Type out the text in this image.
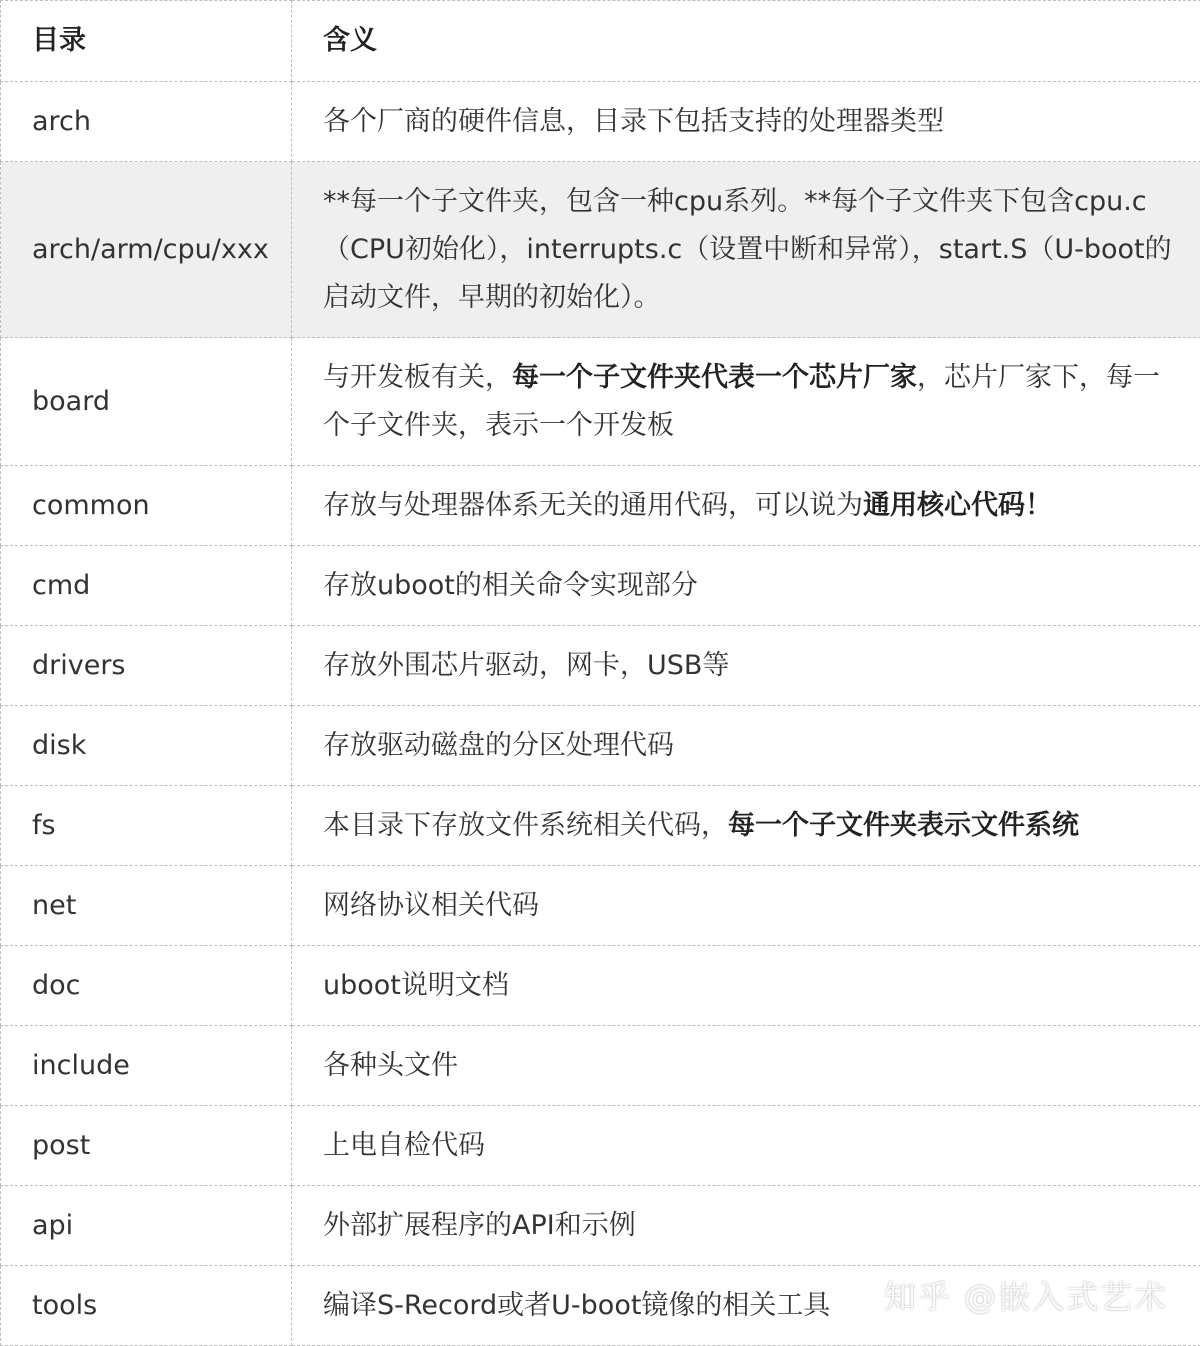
目录	含义
arch	各个厂商的硬件信息，目录下包括支持的处理器类型
arch/arm/cpu/xxx	**每一个子文件夹，包含一种cpu系列。**每个子文件夹下包含cpu.c（CPU初始化），interrupts.c（设置中断和异常），start.S（U-boot的启动文件，早期的初始化）。
board	与开发板有关，每一个子文件夹代表一个芯片厂家，芯片厂家下，每一个子文件夹，表示一个开发板
common	存放与处理器体系无关的通用代码，可以说为通用核心代码！
cmd	存放uboot的相关命令实现部分
drivers	存放外围芯片驱动，网卡，USB等
disk	存放驱动磁盘的分区处理代码
fs	本目录下存放文件系统相关代码，每一个子文件夹表示文件系统
net	网络协议相关代码
doc	uboot说明文档
include	各种头文件
post	上电自检代码
api	外部扩展程序的API和示例
tools	编译S-Record或者U-boot镜像的相关工具 知乎 @嵌入式艺术
